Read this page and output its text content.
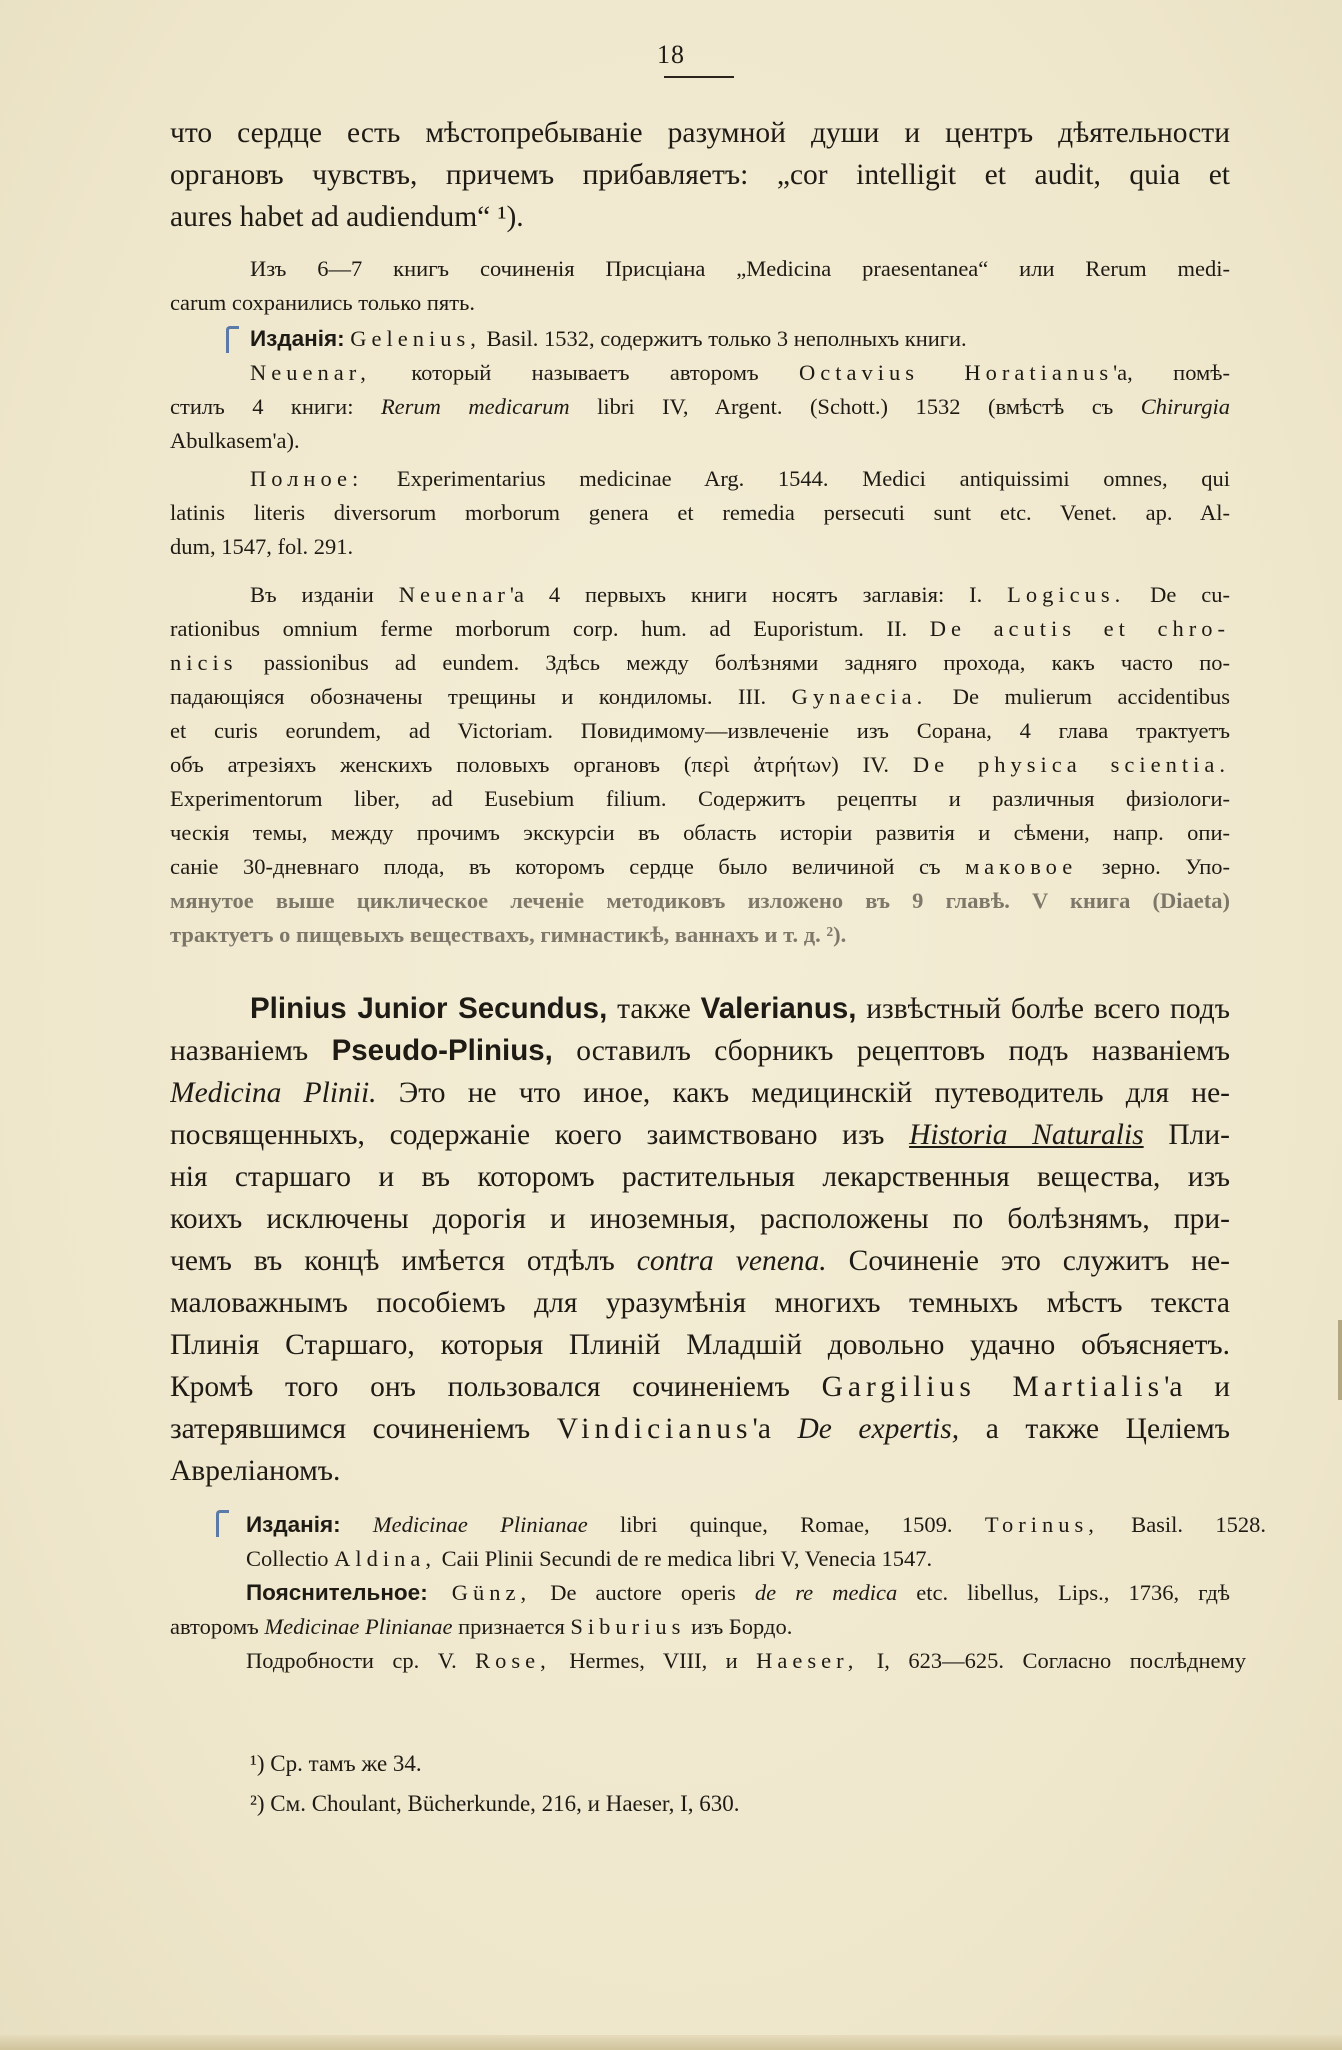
18
что сердце есть мѣстопребываніе разумной души и центръ дѣятельности
органовъ чувствъ, причемъ прибавляетъ: „cor intelligit et audit, quia et
aures habet ad audiendum“ ¹).
Изъ 6—7 книгъ сочиненія Присціана „Medicina praesentanea“ или Rerum medi-
carum сохранились только пять.
Изданія: Gelenius, Basil. 1532, содержитъ только 3 неполныхъ книги.
Neuenar, который называетъ авторомъ Octavius Horatianus'a, помѣ-
стилъ 4 книги: Rerum medicarum libri IV, Argent. (Schott.) 1532 (вмѣстѣ съ Chirurgia
Abulkasem'a).
Полное: Experimentarius medicinae Arg. 1544. Medici antiquissimi omnes, qui
latinis literis diversorum morborum genera et remedia persecuti sunt etc. Venet. ap. Al-
dum, 1547, fol. 291.
Въ изданіи Neuenar'a 4 первыхъ книги носятъ заглавія: I. Logicus. De cu-
rationibus omnium ferme morborum corp. hum. ad Euporistum. II. De acutis et chro-
nicis passionibus ad eundem. Здѣсь между болѣзнями задняго прохода, какъ часто по-
падающіяся обозначены трещины и кондиломы. III. Gynaecia. De mulierum accidentibus
et curis eorundem, ad Victoriam. Повидимому—извлеченіе изъ Сорана, 4 глава трактуетъ
объ атрезіяхъ женскихъ половыхъ органовъ (περὶ ἀτρήτων) IV. De physica scientia.
Experimentorum liber, ad Eusebium filium. Содержитъ рецепты и различныя физіологи-
ческія темы, между прочимъ экскурсіи въ область исторіи развитія и сѣмени, напр. опи-
саніе 30-дневнаго плода, въ которомъ сердце было величиной съ маковое зерно. Упо-
мянутое выше циклическое леченіе методиковъ изложено въ 9 главѣ. V книга (Diaeta)
трактуетъ о пищевыхъ веществахъ, гимнастикѣ, ваннахъ и т. д. ²).
Plinius Junior Secundus, также Valerianus, извѣстный болѣе всего подъ
названіемъ Pseudo-Plinius, оставилъ сборникъ рецептовъ подъ названіемъ
Medicina Plinii. Это не что иное, какъ медицинскій путеводитель для не-
посвященныхъ, содержаніе коего заимствовано изъ Historia Naturalis Пли-
нія старшаго и въ которомъ растительныя лекарственныя вещества, изъ
коихъ исключены дорогія и иноземныя, расположены по болѣзнямъ, при-
чемъ въ концѣ имѣется отдѣлъ contra venena. Сочиненіе это служитъ не-
маловажнымъ пособіемъ для уразумѣнія многихъ темныхъ мѣстъ текста
Плинія Старшаго, которыя Плиній Младшій довольно удачно объясняетъ.
Кромѣ того онъ пользовался сочиненіемъ Gargilius Martialis'a и
затерявшимся сочиненіемъ Vindicianus'a De expertis, а также Целіемъ
Авреліаномъ.
Изданія: Medicinae Plinianae libri quinque, Romae, 1509. Torinus, Basil. 1528.
Collectio Aldina, Caii Plinii Secundi de re medica libri V, Venecia 1547.
Пояснительное: Günz, De auctore operis de re medica etc. libellus, Lips., 1736, гдѣ
авторомъ Medicinae Plinianae признается Siburius изъ Бордо.
Подробности ср. V. Rose, Hermes, VIII, и Haeser, I, 623—625. Согласно послѣднему
¹) Ср. тамъ же 34.
²) См. Choulant, Bücherkunde, 216, и Haeser, I, 630.
